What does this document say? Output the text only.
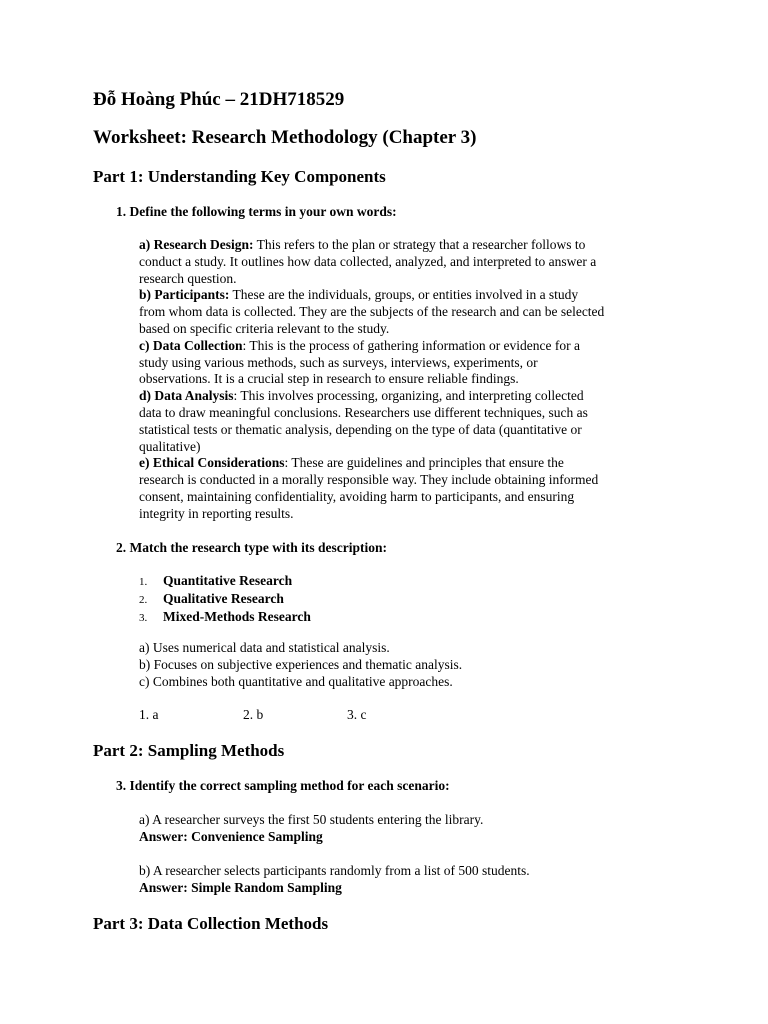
Đỗ Hoàng Phúc – 21DH718529
Worksheet: Research Methodology (Chapter 3)
Part 1: Understanding Key Components
1. Define the following terms in your own words:
a) Research Design: This refers to the plan or strategy that a researcher follows to
conduct a study. It outlines how data collected, analyzed, and interpreted to answer a
research question.
b) Participants: These are the individuals, groups, or entities involved in a study
from whom data is collected. They are the subjects of the research and can be selected
based on specific criteria relevant to the study.
c) Data Collection: This is the process of gathering information or evidence for a
study using various methods, such as surveys, interviews, experiments, or
observations. It is a crucial step in research to ensure reliable findings.
d) Data Analysis: This involves processing, organizing, and interpreting collected
data to draw meaningful conclusions. Researchers use different techniques, such as
statistical tests or thematic analysis, depending on the type of data (quantitative or
qualitative)
e) Ethical Considerations: These are guidelines and principles that ensure the
research is conducted in a morally responsible way. They include obtaining informed
consent, maintaining confidentiality, avoiding harm to participants, and ensuring
integrity in reporting results.
2. Match the research type with its description:
1. Quantitative Research
2. Qualitative Research
3. Mixed-Methods Research
a) Uses numerical data and statistical analysis.
b) Focuses on subjective experiences and thematic analysis.
c) Combines both quantitative and qualitative approaches.
1. a	2. b	3. c
Part 2: Sampling Methods
3. Identify the correct sampling method for each scenario:
a) A researcher surveys the first 50 students entering the library.
Answer: Convenience Sampling
b) A researcher selects participants randomly from a list of 500 students.
Answer: Simple Random Sampling
Part 3: Data Collection Methods
